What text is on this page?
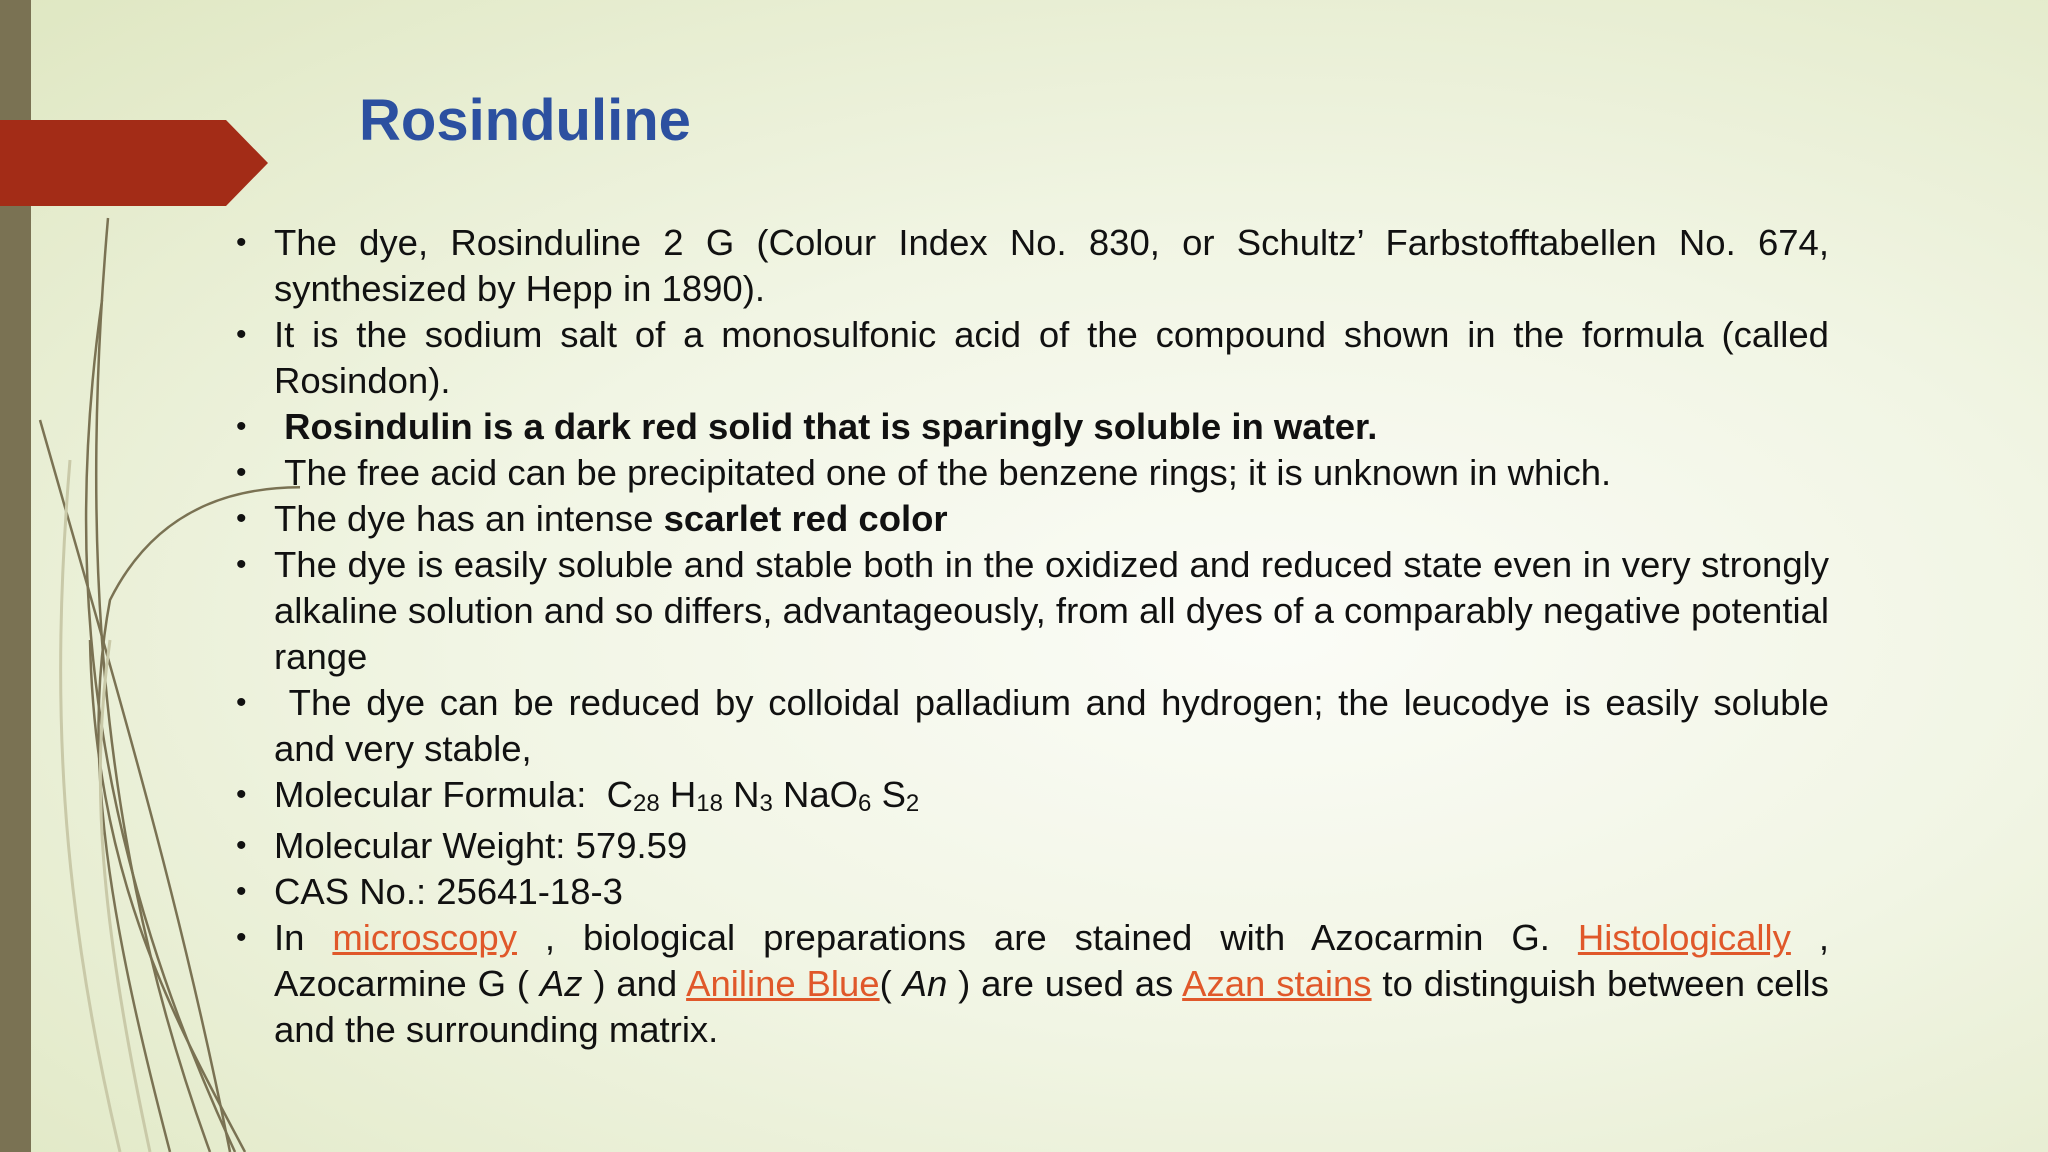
Rosinduline
• The dye, Rosinduline 2 G (Colour Index No. 830, or Schultz’ Farbstofftabellen No. 674, synthesized by Hepp in 1890).
• It is the sodium salt of a monosulfonic acid of the compound shown in the formula (called Rosindon).
• Rosindulin is a dark red solid that is sparingly soluble in water.
• The free acid can be precipitated one of the benzene rings; it is unknown in which.
• The dye has an intense scarlet red color
• The dye is easily soluble and stable both in the oxidized and reduced state even in very strongly alkaline solution and so differs, advantageously, from all dyes of a comparably negative potential range
• The dye can be reduced by colloidal palladium and hydrogen; the leucodye is easily soluble and very stable,
• Molecular Formula: $C_{28}$ $H_{18}$ $N_3$ NaO$_6$ $S_2$
• Molecular Weight: 579.59
• CAS No.: 25641-18-3
• In microscopy , biological preparations are stained with Azocarmin G. Histologically , Azocarmine G ( Az ) and Aniline Blue( An ) are used as Azan stains to distinguish between cells and the surrounding matrix.
